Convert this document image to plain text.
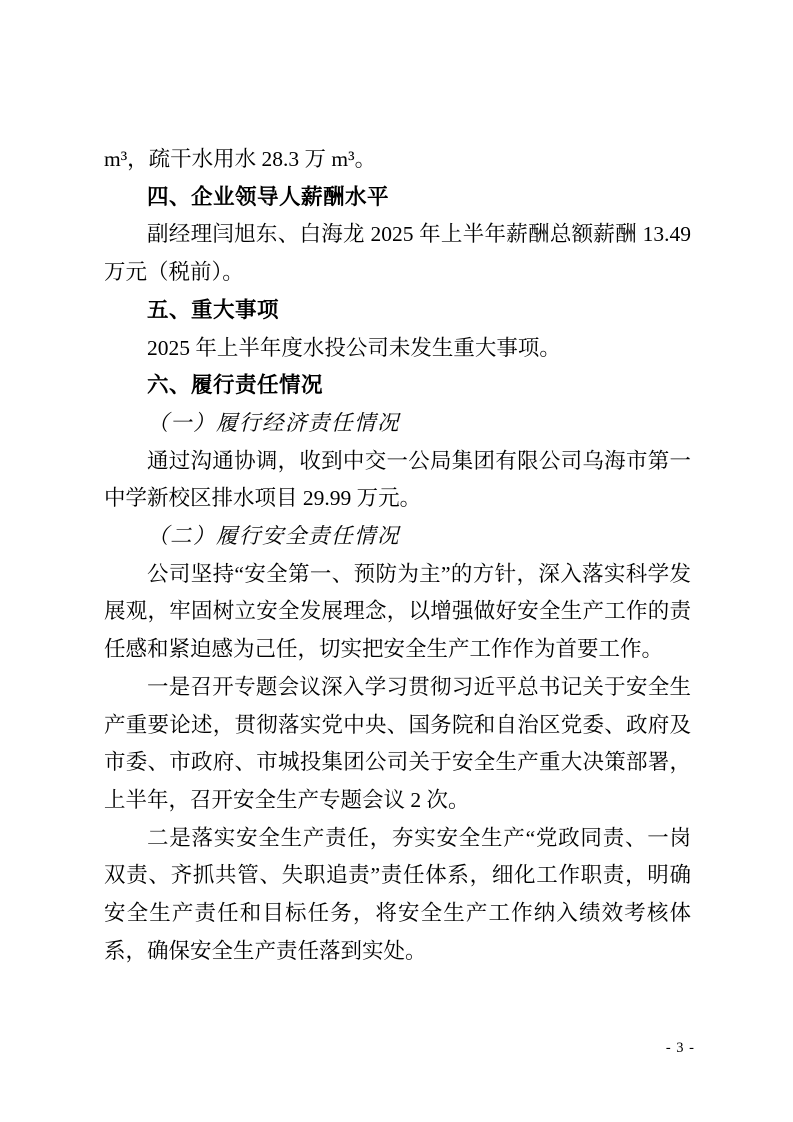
m³，疏干水用水 28.3 万 m³。

四、企业领导人薪酬水平

副经理闫旭东、白海龙 2025 年上半年薪酬总额薪酬 13.49 万元（税前）。

五、重大事项

2025 年上半年度水投公司未发生重大事项。

六、履行责任情况

（一）履行经济责任情况

通过沟通协调，收到中交一公局集团有限公司乌海市第一中学新校区排水项目 29.99 万元。

（二）履行安全责任情况

公司坚持“安全第一、预防为主”的方针，深入落实科学发展观，牢固树立安全发展理念，以增强做好安全生产工作的责任感和紧迫感为己任，切实把安全生产工作作为首要工作。

一是召开专题会议深入学习贯彻习近平总书记关于安全生产重要论述，贯彻落实党中央、国务院和自治区党委、政府及市委、市政府、市城投集团公司关于安全生产重大决策部署，上半年，召开安全生产专题会议 2 次。

二是落实安全生产责任，夯实安全生产“党政同责、一岗双责、齐抓共管、失职追责”责任体系，细化工作职责，明确安全生产责任和目标任务，将安全生产工作纳入绩效考核体系，确保安全生产责任落到实处。

- 3 -
